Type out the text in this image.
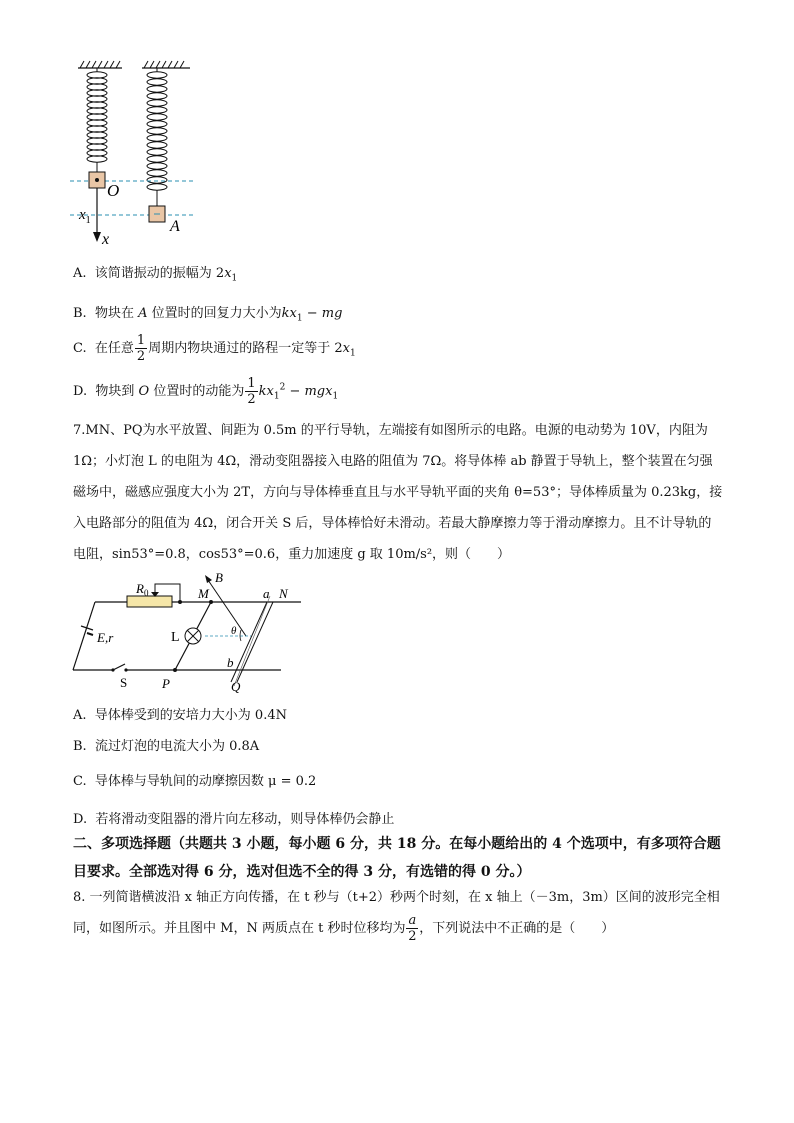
O
$x_1$
x
A
A. 该简谐振动的振幅为 $2x_1$
B. 物块在 A 位置时的回复力大小为$kx_1$ − mg
C. 在任意 $\frac{1}{2}$ 周期内物块通过的路程一定等于 $2x_1$
D. 物块到 O 位置时的动能为 $\frac{1}{2} kx_1^2 - mgx_1$
7.MN、PQ为水平放置、间距为 0.5m 的平行导轨，左端接有如图所示的电路。电源的电动势为 10V，内阻为 1Ω；小灯泡 L 的电阻为 4Ω，滑动变阻器接入电路的阻值为 7Ω。将导体棒 ab 静置于导轨上，整个装置在匀强磁场中，磁感应强度大小为 2T，方向与导体棒垂直且与水平导轨平面的夹角 θ=53°；导体棒质量为 0.23kg，接入电路部分的阻值为 4Ω，闭合开关 S 后，导体棒恰好未滑动。若最大静摩擦力等于滑动摩擦力。且不计导轨的电阻，sin53°=0.8，cos53°=0.6，重力加速度 g 取 10m/s²，则（　　）
$R_0$
E,r
S
L
M	N
a
b
P	Q
B
θ
A. 导体棒受到的安培力大小为 0.4N
B. 流过灯泡的电流大小为 0.8A
C. 导体棒与导轨间的动摩擦因数 μ = 0.2
D. 若将滑动变阻器的滑片向左移动，则导体棒仍会静止
二、多项选择题（共题共 3 小题，每小题 6 分，共 18 分。在每小题给出的 4 个选项中，有多项符合题目要求。全部选对得 6 分，选对但选不全的得 3 分，有选错的得 0 分。）
8. 一列简谐横波沿 x 轴正方向传播，在 t 秒与（t+2）秒两个时刻，在 x 轴上（－3m，3m）区间的波形完全相同，如图所示。并且图中 M，N 两质点在 t 秒时位移均为 $\frac{a}{2}$ ，下列说法中不正确的是（　　）
